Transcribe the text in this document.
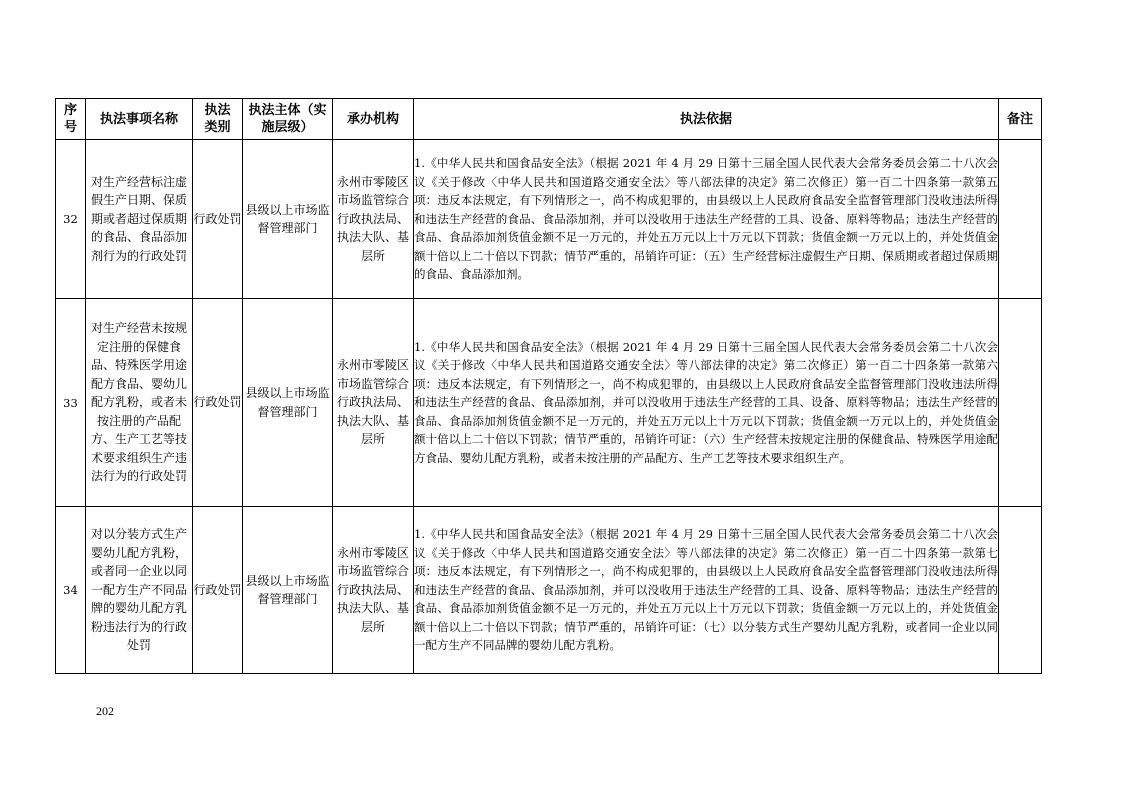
序号	执法事项名称	执法类别	执法主体（实施层级）	承办机构	执法依据	备注
32	对生产经营标注虚假生产日期、保质期或者超过保质期的食品、食品添加剂行为的行政处罚	行政处罚	县级以上市场监督管理部门	永州市零陵区市场监管综合行政执法局、执法大队、基层所	1.《中华人民共和国食品安全法》（根据 2021 年 4 月 29 日第十三届全国人民代表大会常务委员会第二十八次会议《关于修改〈中华人民共和国道路交通安全法〉等八部法律的决定》第二次修正）第一百二十四条第一款第五项：违反本法规定，有下列情形之一，尚不构成犯罪的，由县级以上人民政府食品安全监督管理部门没收违法所得和违法生产经营的食品、食品添加剂，并可以没收用于违法生产经营的工具、设备、原料等物品；违法生产经营的食品、食品添加剂货值金额不足一万元的，并处五万元以上十万元以下罚款；货值金额一万元以上的，并处货值金额十倍以上二十倍以下罚款；情节严重的，吊销许可证：（五）生产经营标注虚假生产日期、保质期或者超过保质期的食品、食品添加剂。	
33	对生产经营未按规定注册的保健食品、特殊医学用途配方食品、婴幼儿配方乳粉，或者未按注册的产品配方、生产工艺等技术要求组织生产违法行为的行政处罚	行政处罚	县级以上市场监督管理部门	永州市零陵区市场监管综合行政执法局、执法大队、基层所	1.《中华人民共和国食品安全法》（根据 2021 年 4 月 29 日第十三届全国人民代表大会常务委员会第二十八次会议《关于修改〈中华人民共和国道路交通安全法〉等八部法律的决定》第二次修正）第一百二十四条第一款第六项：违反本法规定，有下列情形之一，尚不构成犯罪的，由县级以上人民政府食品安全监督管理部门没收违法所得和违法生产经营的食品、食品添加剂，并可以没收用于违法生产经营的工具、设备、原料等物品；违法生产经营的食品、食品添加剂货值金额不足一万元的，并处五万元以上十万元以下罚款；货值金额一万元以上的，并处货值金额十倍以上二十倍以下罚款；情节严重的，吊销许可证：（六）生产经营未按规定注册的保健食品、特殊医学用途配方食品、婴幼儿配方乳粉，或者未按注册的产品配方、生产工艺等技术要求组织生产。	
34	对以分装方式生产婴幼儿配方乳粉，或者同一企业以同一配方生产不同品牌的婴幼儿配方乳粉违法行为的行政处罚	行政处罚	县级以上市场监督管理部门	永州市零陵区市场监管综合行政执法局、执法大队、基层所	1.《中华人民共和国食品安全法》（根据 2021 年 4 月 29 日第十三届全国人民代表大会常务委员会第二十八次会议《关于修改〈中华人民共和国道路交通安全法〉等八部法律的决定》第二次修正）第一百二十四条第一款第七项：违反本法规定，有下列情形之一，尚不构成犯罪的，由县级以上人民政府食品安全监督管理部门没收违法所得和违法生产经营的食品、食品添加剂，并可以没收用于违法生产经营的工具、设备、原料等物品；违法生产经营的食品、食品添加剂货值金额不足一万元的，并处五万元以上十万元以下罚款；货值金额一万元以上的，并处货值金额十倍以上二十倍以下罚款；情节严重的，吊销许可证：（七）以分装方式生产婴幼儿配方乳粉，或者同一企业以同一配方生产不同品牌的婴幼儿配方乳粉。	
202
